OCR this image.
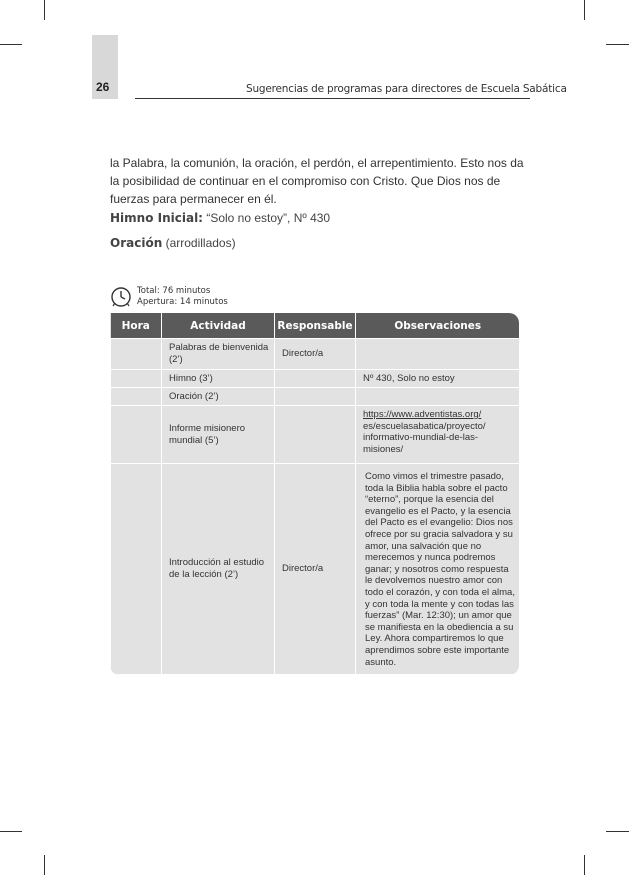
26	Sugerencias de programas para directores de Escuela Sabática

la Palabra, la comunión, la oración, el perdón, el arrepentimiento. Esto nos da

la posibilidad de continuar en el compromiso con Cristo. Que Dios nos de

fuerzas para permanecer en él.

Himno Inicial: “Solo no estoy”, Nº 430
Oración (arrodillados)
Total: 76 minutos
Apertura: 14 minutos
Hora	Actividad	Responsable	Observaciones
	Palabras de bienvenida (2’)	Director/a	
	Himno (3’)		Nº 430, Solo no estoy
	Oración (2’)		
	Informe misionero mundial (5’)		https://www.adventistas.org/ es/escuelasabatica/proyecto/ informativo-mundial-de-las- misiones/
	Introducción al estudio de la lección (2’)	Director/a	Como vimos el trimestre pasado, toda la Biblia habla sobre el pacto “eterno”, porque la esencia del evangelio es el Pacto, y la esencia del Pacto es el evangelio: Dios nos ofrece por su gracia salvadora y su amor, una salvación que no merecemos y nunca podremos ganar; y nosotros como respuesta le devolvemos nuestro amor con todo el corazón, y con toda el alma, y con toda la mente y con todas las fuerzas” (Mar. 12:30); un amor que se manifiesta en la obediencia a su Ley. Ahora compartiremos lo que aprendimos sobre este importante asunto.
